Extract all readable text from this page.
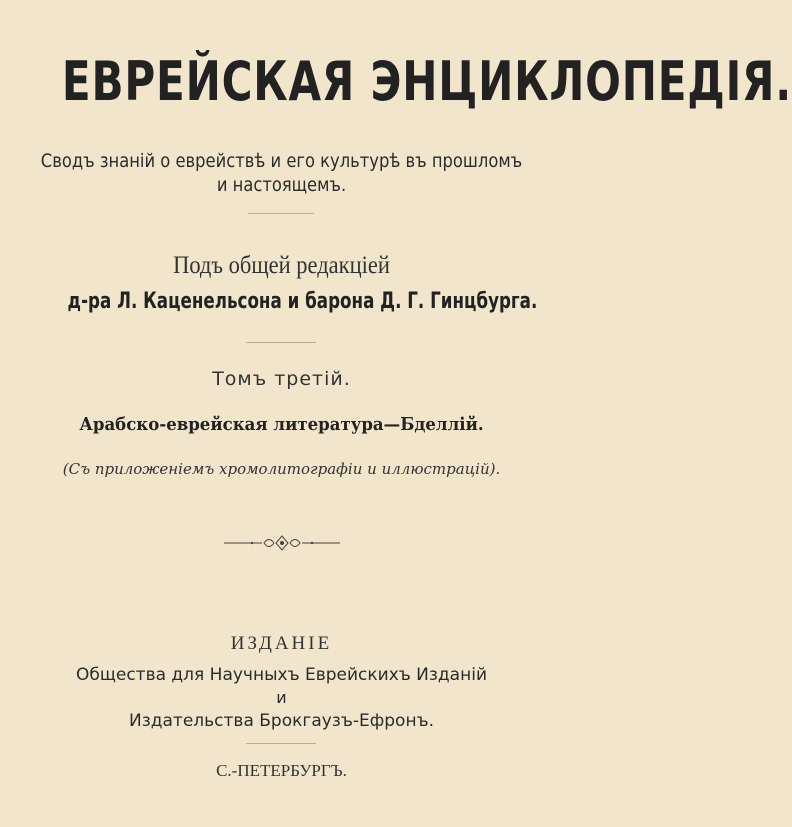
ЕВРЕЙСКАЯ ЭНЦИКЛОПЕДІЯ.
Сводъ знаній о еврействѣ и его культурѣ въ прошломъ
и настоящемъ.
Подъ общей редакціей
д-ра Л. Каценельсона и барона Д. Г. Гинцбурга.
Томъ третій.
Арабско-еврейская литература—Бделлій.
(Съ приложеніемъ хромолитографіи и иллюстрацій).
ИЗДАНІЕ
Общества для Научныхъ Еврейскихъ Изданій
и
Издательства Брокгаузъ-Ефронъ.
С.-ПЕТЕРБУРГЪ.
